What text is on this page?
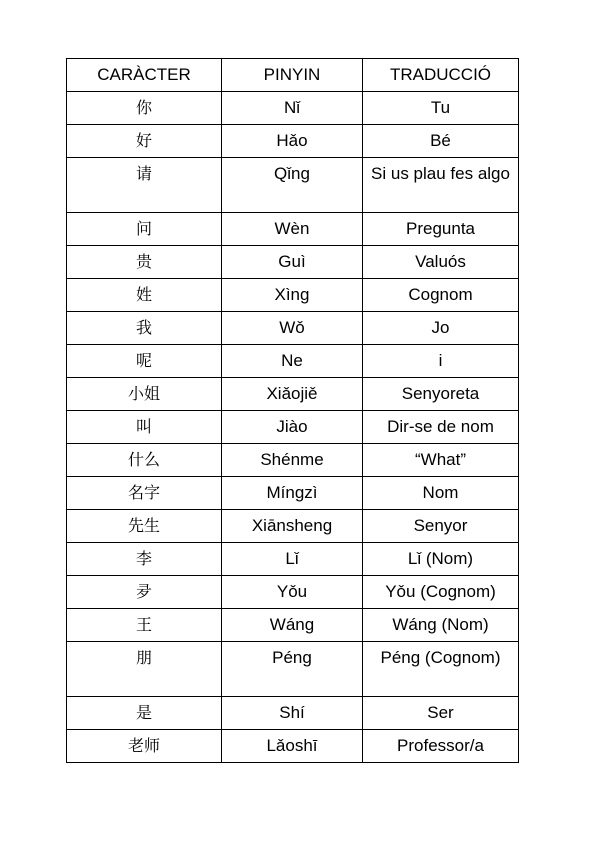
CARÀCTER	PINYIN	TRADUCCIÓ
你	Nǐ	Tu
好	Hǎo	Bé
请	Qǐng	Si us plau fes algo
问	Wèn	Pregunta
贵	Guì	Valuós
姓	Xìng	Cognom
我	Wǒ	Jo
呢	Ne	i
小姐	Xiǎojiě	Senyoreta
叫	Jiào	Dir-se de nom
什么	Shénme	“What”
名字	Míngzì	Nom
先生	Xiānsheng	Senyor
李	Lǐ	Lǐ (Nom)
夛	Yǒu	Yǒu (Cognom)
王	Wáng	Wáng (Nom)
朋	Péng	Péng (Cognom)
是	Shí	Ser
老师	Lǎoshī	Professor/a
